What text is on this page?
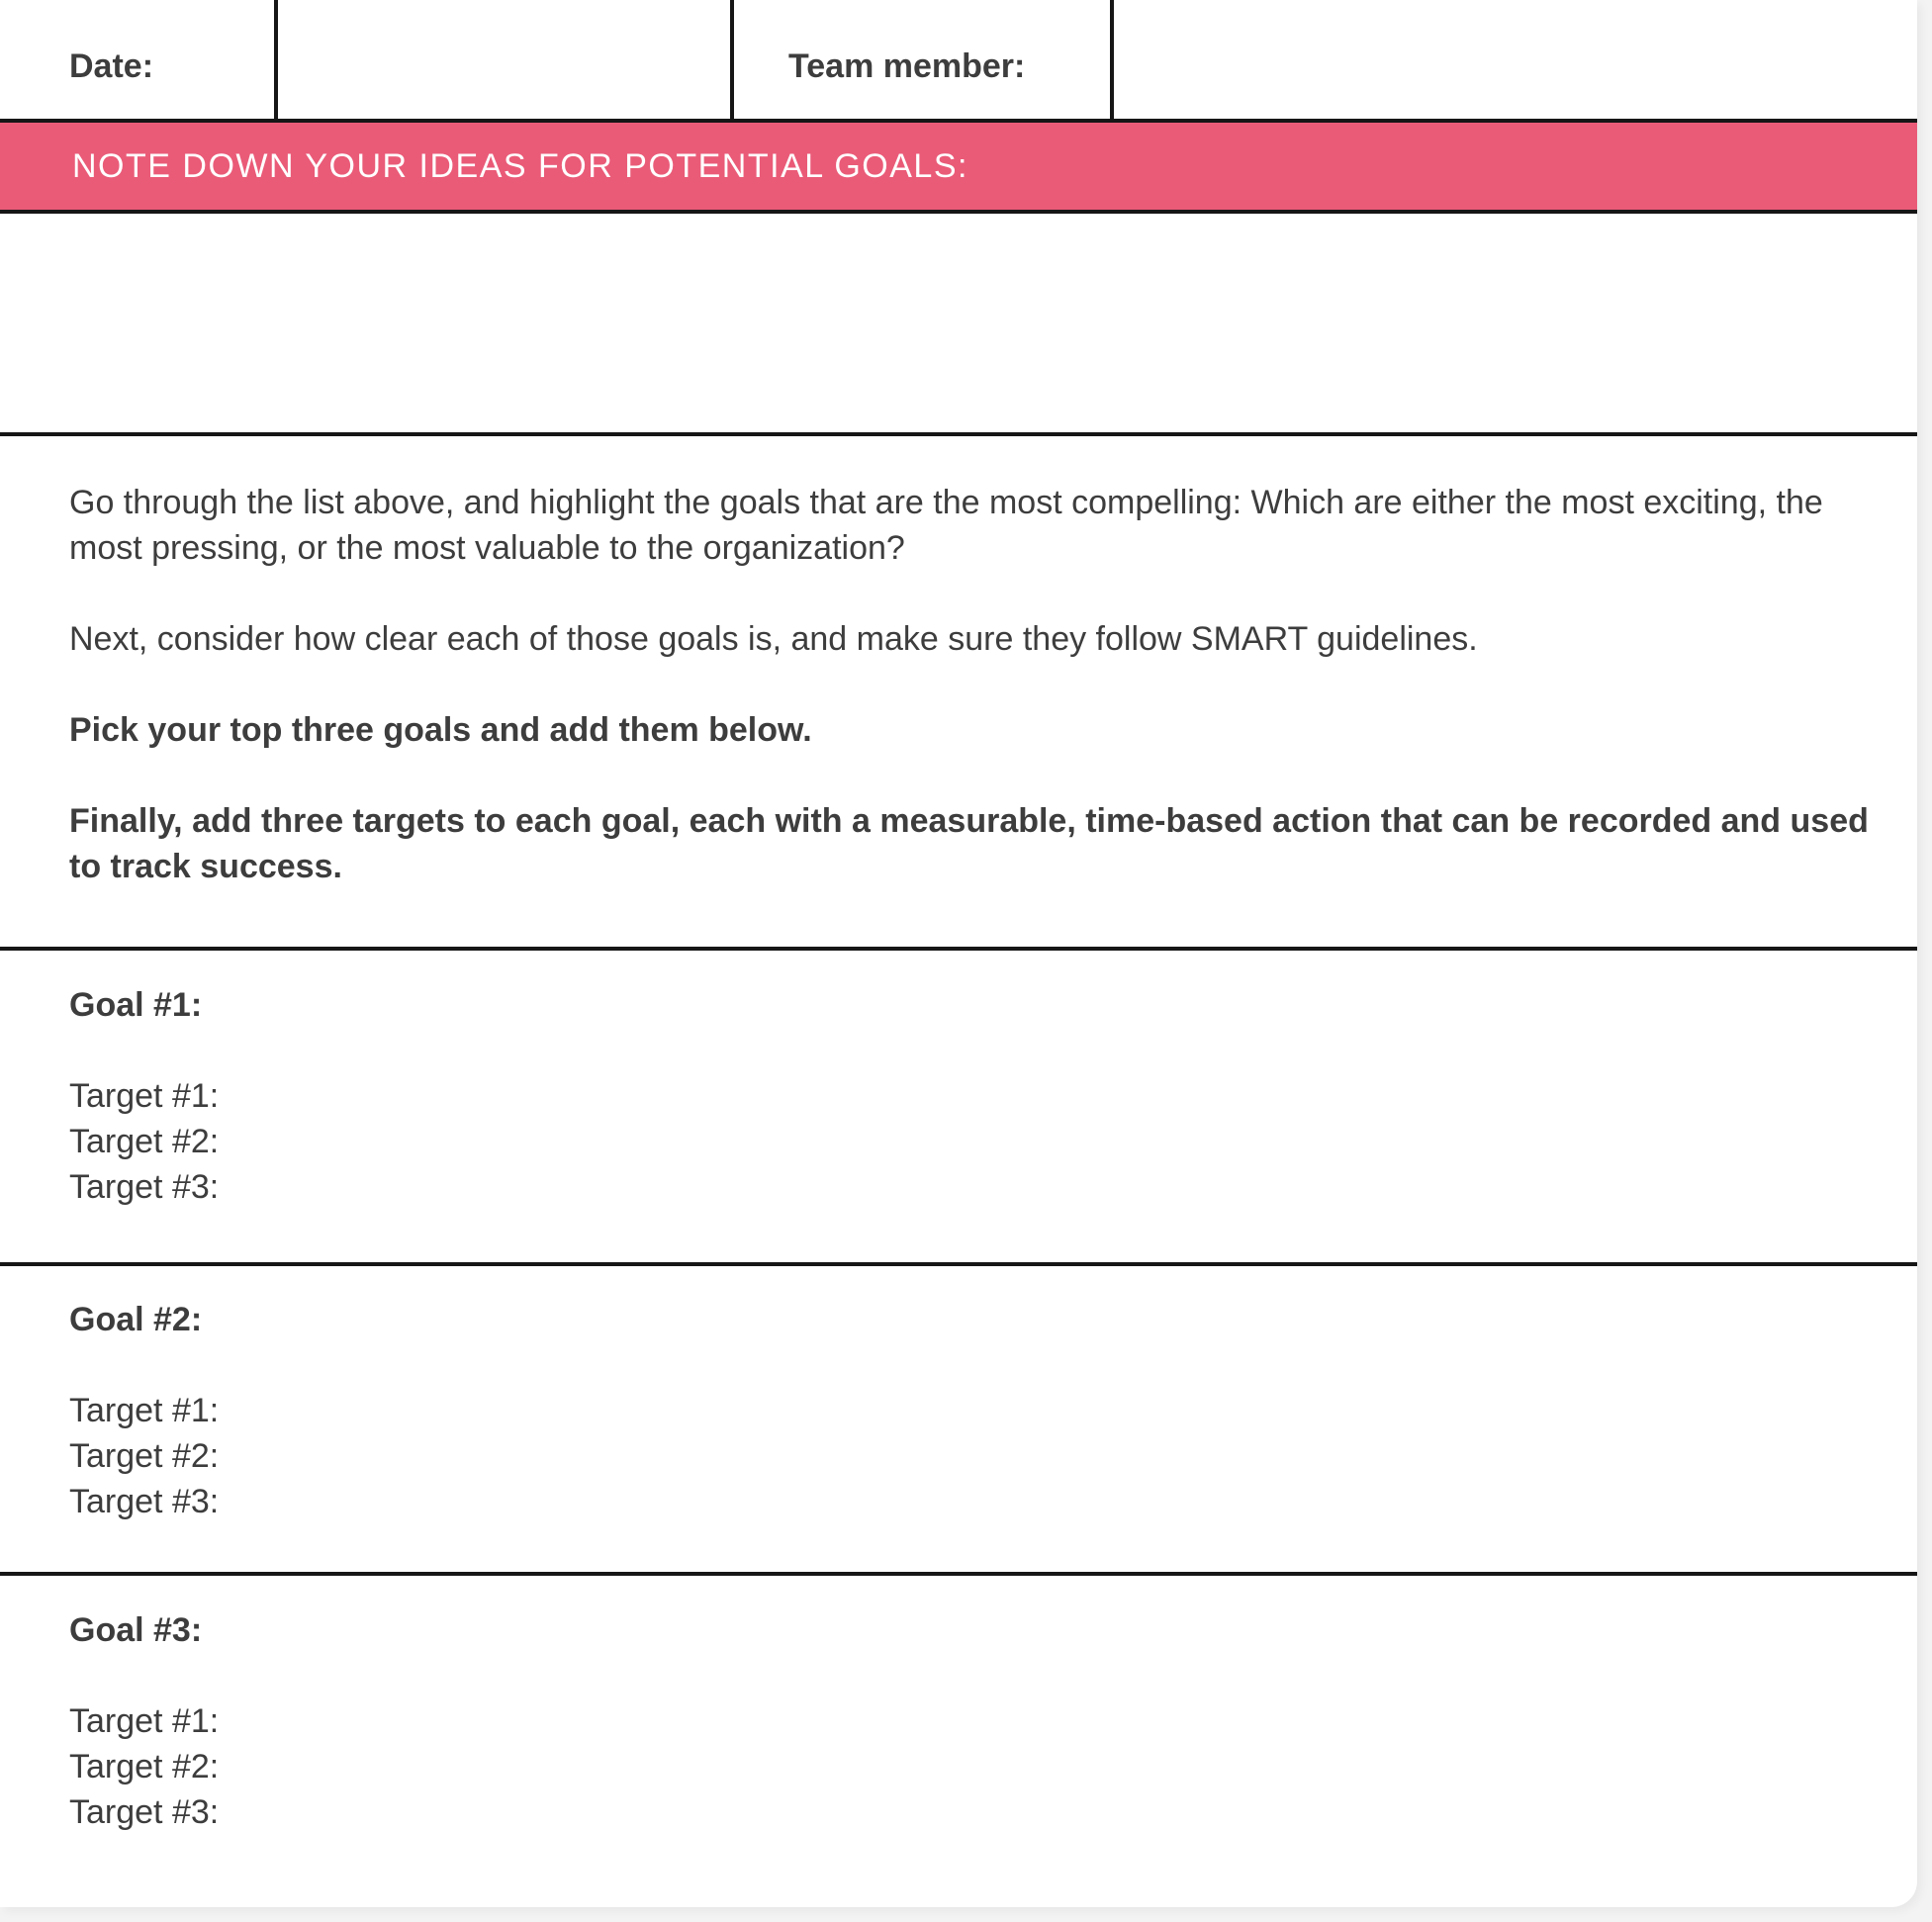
Date:	Team member:
NOTE DOWN YOUR IDEAS FOR POTENTIAL GOALS:

Go through the list above, and highlight the goals that are the most compelling: Which are either the most exciting, the most pressing, or the most valuable to the organization?

Next, consider how clear each of those goals is, and make sure they follow SMART guidelines.

Pick your top three goals and add them below.

Finally, add three targets to each goal, each with a measurable, time-based action that can be recorded and used to track success.

Goal #1:
Target #1:
Target #2:
Target #3:
Goal #2:
Target #1:
Target #2:
Target #3:
Goal #3:
Target #1:
Target #2:
Target #3:
